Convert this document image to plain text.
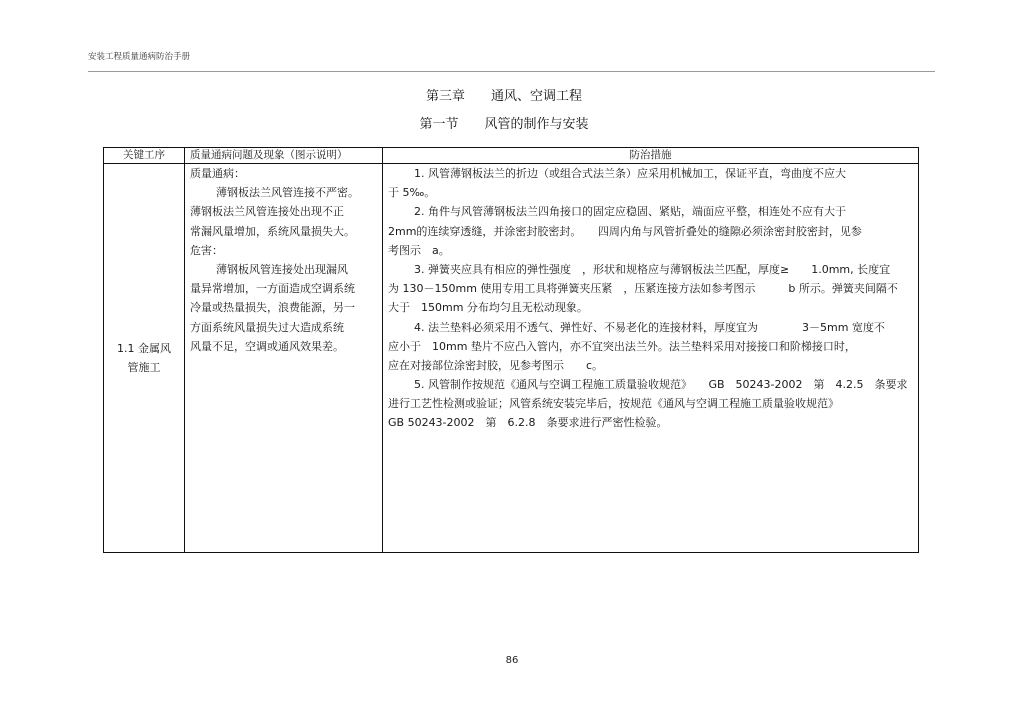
安装工程质量通病防治手册
第三章　　通风、空调工程
第一节　　风管的制作与安装
关键工序	质量通病问题及现象（图示说明）	防治措施
1.1 金属风
管施工
质量通病：
薄钢板法兰风管连接不严密。
薄钢板法兰风管连接处出现不正
常漏风量增加，系统风量损失大。
危害：
薄钢板风管连接处出现漏风
量异常增加，一方面造成空调系统
冷量或热量损失，浪费能源，另一
方面系统风量损失过大造成系统
风量不足，空调或通风效果差。
1. 风管薄钢板法兰的折边（或组合式法兰条）应采用机械加工，保证平直，弯曲度不应大
于 5‰。
2. 角件与风管薄钢板法兰四角接口的固定应稳固、紧贴，端面应平整，相连处不应有大于
2mm的连续穿透缝，并涂密封胶密封。　　四周内角与风管折叠处的缝隙必须涂密封胶密封，见参
考图示　a。
3. 弹簧夹应具有相应的弹性强度　，形状和规格应与薄钢板法兰匹配，厚度≥　　1.0mm, 长度宜
为 130－150mm 使用专用工具将弹簧夹压紧　，压紧连接方法如参考图示　　　b 所示。弹簧夹间隔不
大于　150mm 分布均匀且无松动现象。
4. 法兰垫料必须采用不透气、弹性好、不易老化的连接材料，厚度宜为　　　　3－5mm 宽度不
应小于　10mm 垫片不应凸入管内，亦不宜突出法兰外。法兰垫料采用对接接口和阶梯接口时，
应在对接部位涂密封胶，见参考图示　　c。
5. 风管制作按规范《通风与空调工程施工质量验收规范》　　GB　50243-2002　第　4.2.5　条要求
进行工艺性检测或验证；风管系统安装完毕后，按规范《通风与空调工程施工质量验收规范》
GB 50243-2002　第　6.2.8　条要求进行严密性检验。
86
